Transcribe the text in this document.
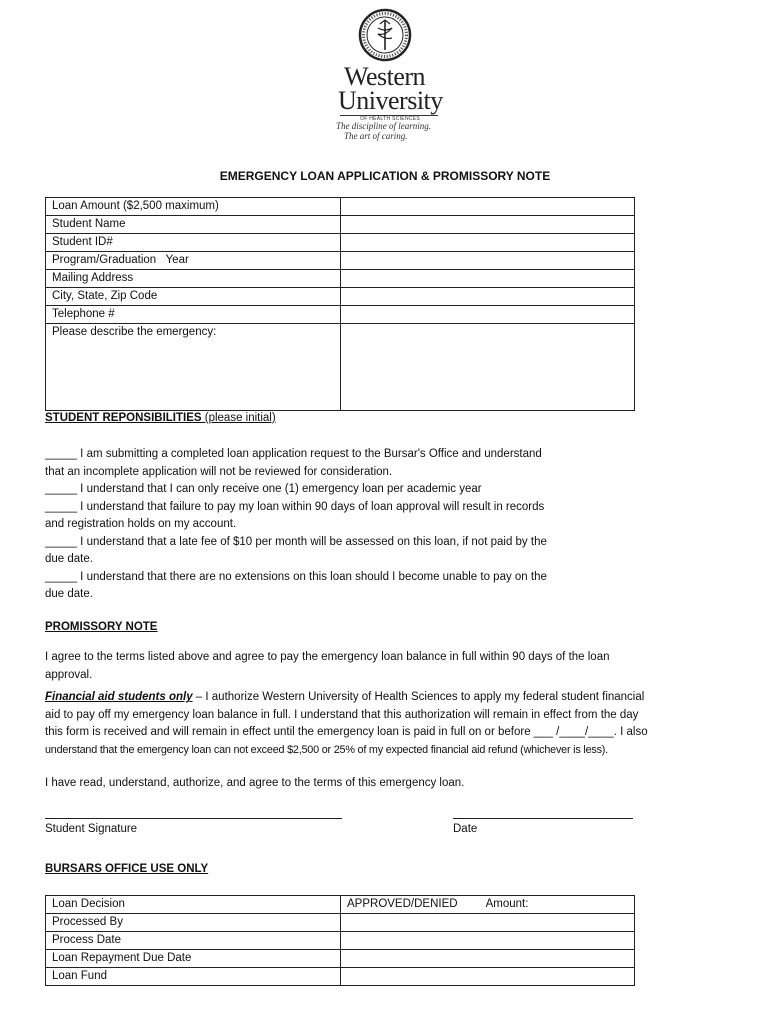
Western
University
OF HEALTH SCIENCES
The discipline of learning.
The art of caring.
EMERGENCY LOAN APPLICATION & PROMISSORY NOTE
Loan Amount ($2,500 maximum)	
Student Name	
Student ID#	
Program/Graduation   Year	
Mailing Address	
City, State, Zip Code	
Telephone #	
Please describe the emergency:	
STUDENT REPONSIBILITIES (please initial)
_____ I am submitting a completed loan application request to the Bursar's Office and understand
that an incomplete application will not be reviewed for consideration.
_____ I understand that I can only receive one (1) emergency loan per academic year
_____ I understand that failure to pay my loan within 90 days of loan approval will result in records
and registration holds on my account.
_____ I understand that a late fee of $10 per month will be assessed on this loan, if not paid by the
due date.
_____ I understand that there are no extensions on this loan should I become unable to pay on the
due date.
PROMISSORY NOTE
I agree to the terms listed above and agree to pay the emergency loan balance in full within 90 days of the loan
approval.
Financial aid students only – I authorize Western University of Health Sciences to apply my federal student financial
aid to pay off my emergency loan balance in full. I understand that this authorization will remain in effect from the day
this form is received and will remain in effect until the emergency loan is paid in full on or before ___ /____/____. I also
understand that the emergency loan can not exceed $2,500 or 25% of my expected financial aid refund (whichever is less).
I have read, understand, authorize, and agree to the terms of this emergency loan.
Student Signature	Date
BURSARS OFFICE USE ONLY
Loan Decision	APPROVED/DENIED Amount:
Processed By	
Process Date	
Loan Repayment Due Date	
Loan Fund	
